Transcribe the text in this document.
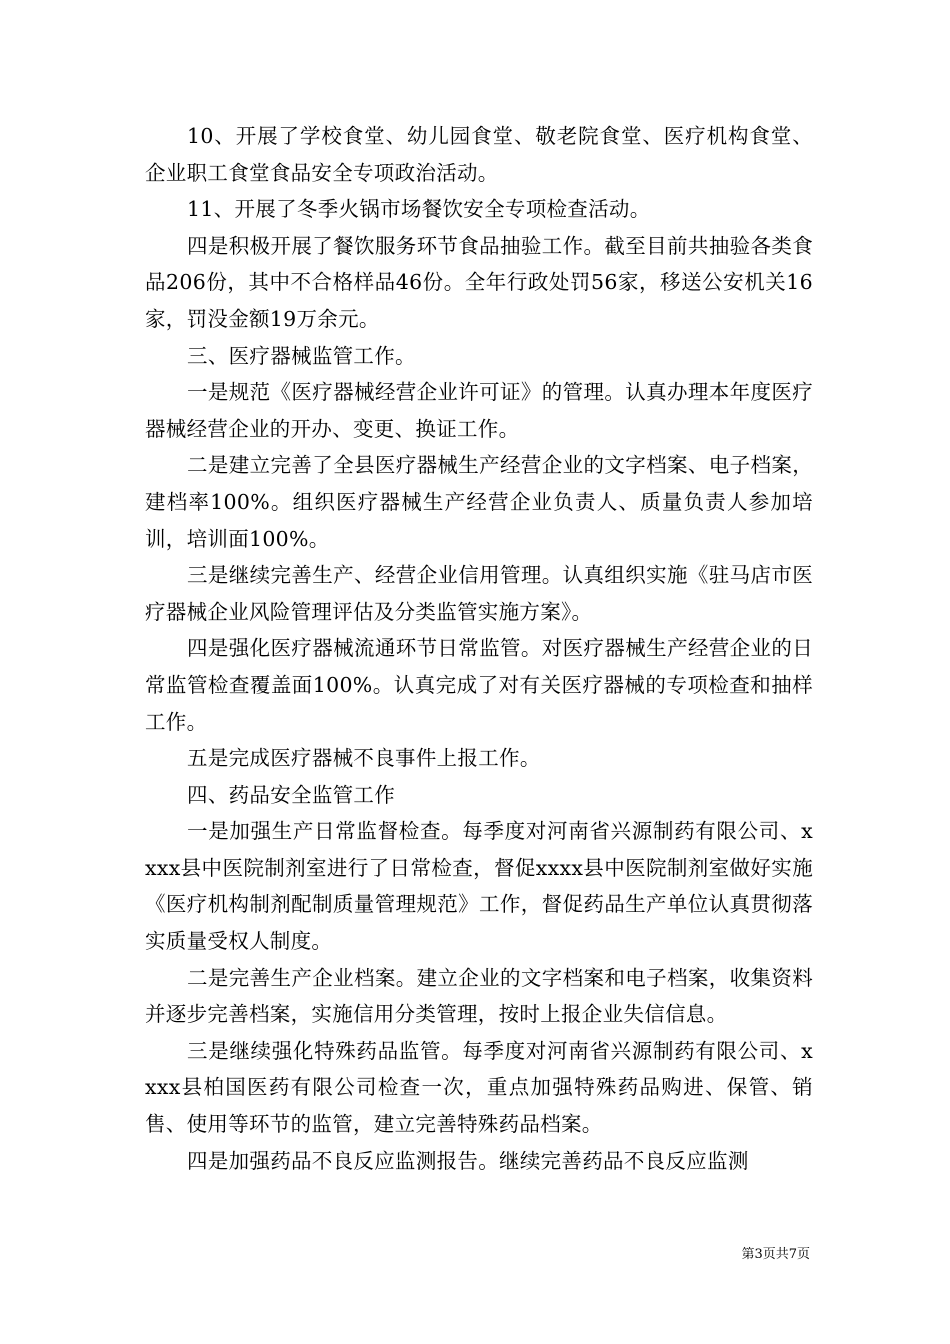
10、开展了学校食堂、幼儿园食堂、敬老院食堂、医疗机构食堂、企业职工食堂食品安全专项政治活动。

11、开展了冬季火锅市场餐饮安全专项检查活动。

四是积极开展了餐饮服务环节食品抽验工作。截至目前共抽验各类食品206份，其中不合格样品46份。全年行政处罚56家，移送公安机关16家，罚没金额19万余元。

三、医疗器械监管工作。

一是规范《医疗器械经营企业许可证》的管理。认真办理本年度医疗器械经营企业的开办、变更、换证工作。

二是建立完善了全县医疗器械生产经营企业的文字档案、电子档案，建档率100%。组织医疗器械生产经营企业负责人、质量负责人参加培训，培训面100%。

三是继续完善生产、经营企业信用管理。认真组织实施《驻马店市医疗器械企业风险管理评估及分类监管实施方案》。

四是强化医疗器械流通环节日常监管。对医疗器械生产经营企业的日常监管检查覆盖面100%。认真完成了对有关医疗器械的专项检查和抽样工作。

五是完成医疗器械不良事件上报工作。

四、药品安全监管工作

一是加强生产日常监督检查。每季度对河南省兴源制药有限公司、xxxx县中医院制剂室进行了日常检查，督促xxxx县中医院制剂室做好实施《医疗机构制剂配制质量管理规范》工作，督促药品生产单位认真贯彻落实质量受权人制度。

二是完善生产企业档案。建立企业的文字档案和电子档案，收集资料并逐步完善档案，实施信用分类管理，按时上报企业失信信息。

三是继续强化特殊药品监管。每季度对河南省兴源制药有限公司、xxxx县柏国医药有限公司检查一次，重点加强特殊药品购进、保管、销售、使用等环节的监管，建立完善特殊药品档案。

四是加强药品不良反应监测报告。继续完善药品不良反应监测

第3页共7页
